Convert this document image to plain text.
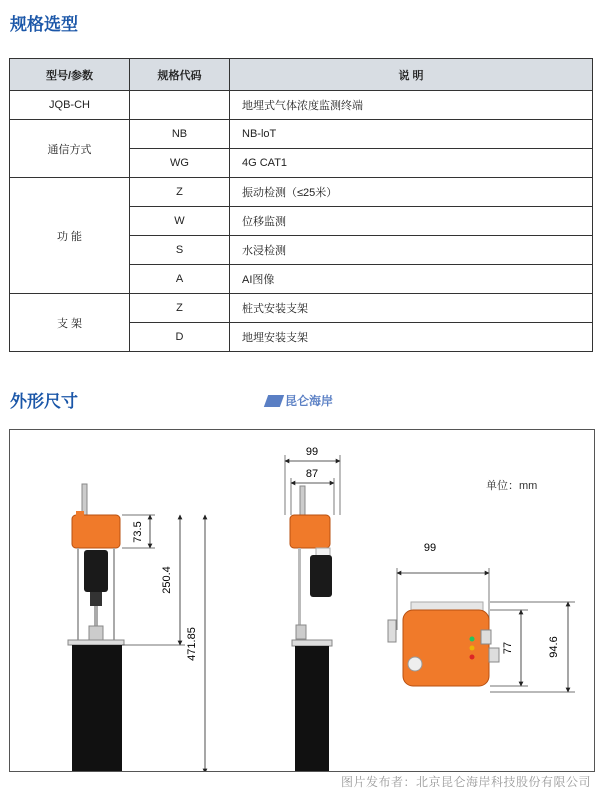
规格选型
型号/参数	规格代码	说 明
JQB-CH		地埋式气体浓度监测终端
通信方式	NB	NB-loT
	WG	4G CAT1
功 能	Z	振动检测（≤25米）
	W	位移监测
	S	水浸检测
	A	AI图像
支 架	Z	桩式安装支架
	D	地埋安装支架
外形尺寸	昆仑海岸
73.5
250.4
471.85
99
87
99
77	94.6
单位：mm
图片发布者：北京昆仑海岸科技股份有限公司
